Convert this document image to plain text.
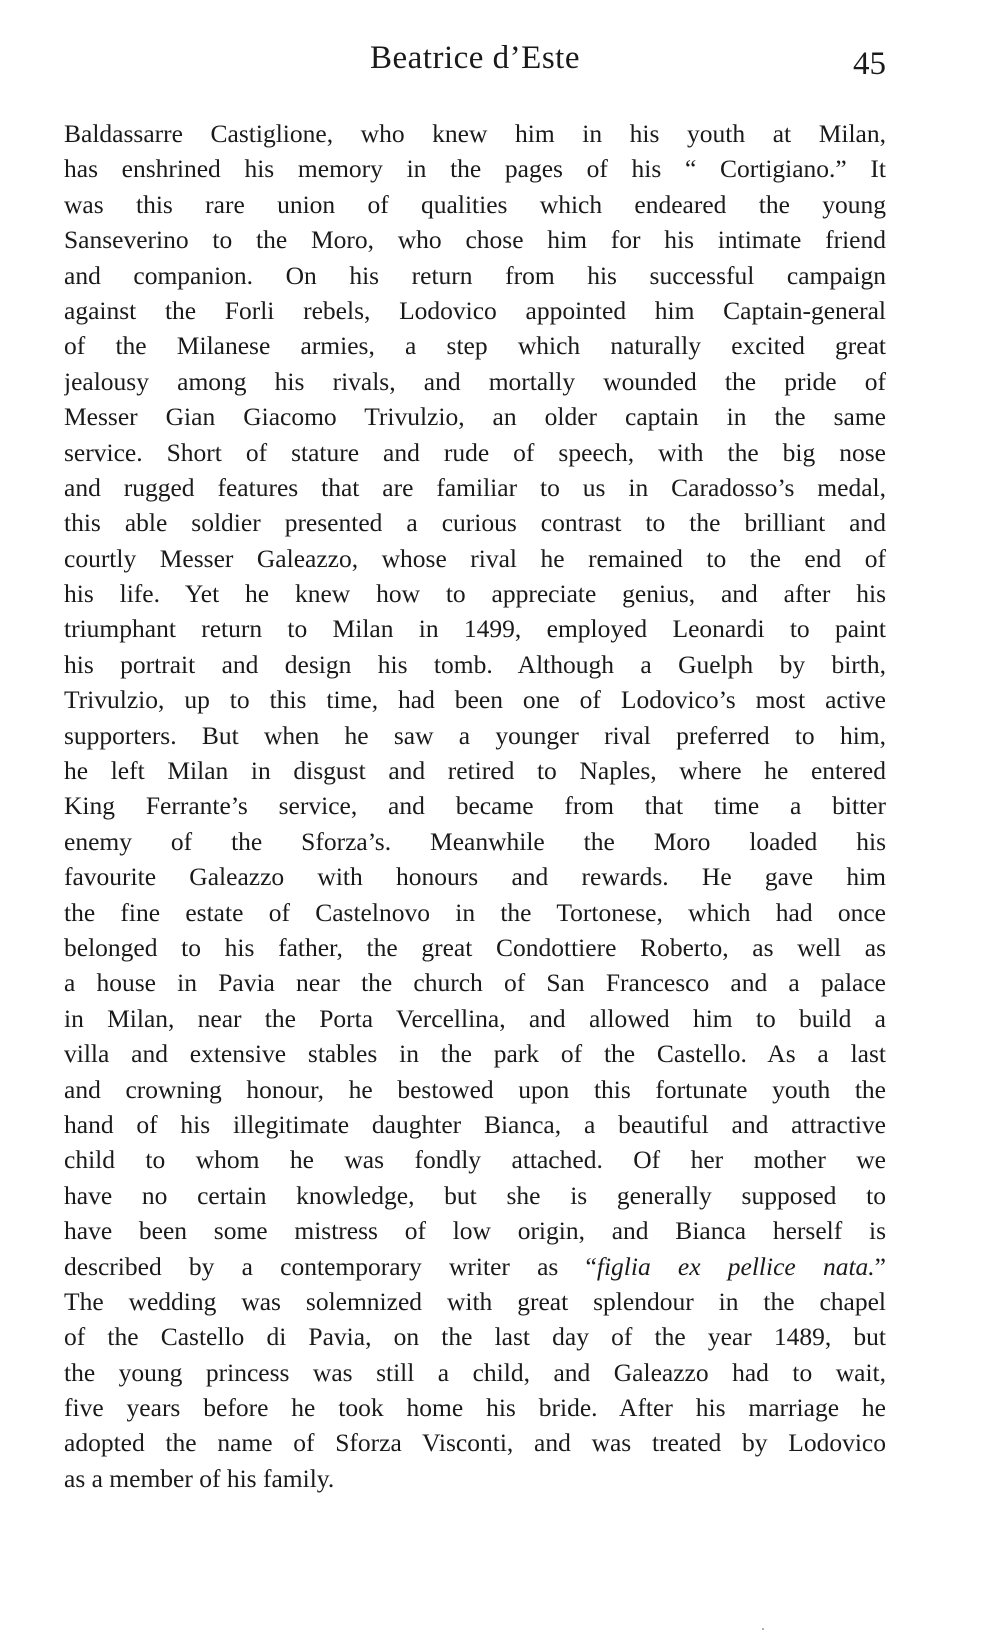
Beatrice d’Este	45
Baldassarre Castiglione, who knew him in his youth at Milan,
has enshrined his memory in the pages of his “ Cortigiano.” It
was this rare union of qualities which endeared the young
Sanseverino to the Moro, who chose him for his intimate friend
and companion. On his return from his successful campaign
against the Forli rebels, Lodovico appointed him Captain-general
of the Milanese armies, a step which naturally excited great
jealousy among his rivals, and mortally wounded the pride of
Messer Gian Giacomo Trivulzio, an older captain in the same
service. Short of stature and rude of speech, with the big nose
and rugged features that are familiar to us in Caradosso’s medal,
this able soldier presented a curious contrast to the brilliant and
courtly Messer Galeazzo, whose rival he remained to the end of
his life. Yet he knew how to appreciate genius, and after his
triumphant return to Milan in 1499, employed Leonardi to paint
his portrait and design his tomb. Although a Guelph by birth,
Trivulzio, up to this time, had been one of Lodovico’s most active
supporters. But when he saw a younger rival preferred to him,
he left Milan in disgust and retired to Naples, where he entered
King Ferrante’s service, and became from that time a bitter
enemy of the Sforza’s. Meanwhile the Moro loaded his
favourite Galeazzo with honours and rewards. He gave him
the fine estate of Castelnovo in the Tortonese, which had once
belonged to his father, the great Condottiere Roberto, as well as
a house in Pavia near the church of San Francesco and a palace
in Milan, near the Porta Vercellina, and allowed him to build a
villa and extensive stables in the park of the Castello. As a last
and crowning honour, he bestowed upon this fortunate youth the
hand of his illegitimate daughter Bianca, a beautiful and attractive
child to whom he was fondly attached. Of her mother we
have no certain knowledge, but she is generally supposed to
have been some mistress of low origin, and Bianca herself is
described by a contemporary writer as “figlia ex pellice nata.”
The wedding was solemnized with great splendour in the chapel
of the Castello di Pavia, on the last day of the year 1489, but
the young princess was still a child, and Galeazzo had to wait,
five years before he took home his bride. After his marriage he
adopted the name of Sforza Visconti, and was treated by Lodovico
as a member of his family.
